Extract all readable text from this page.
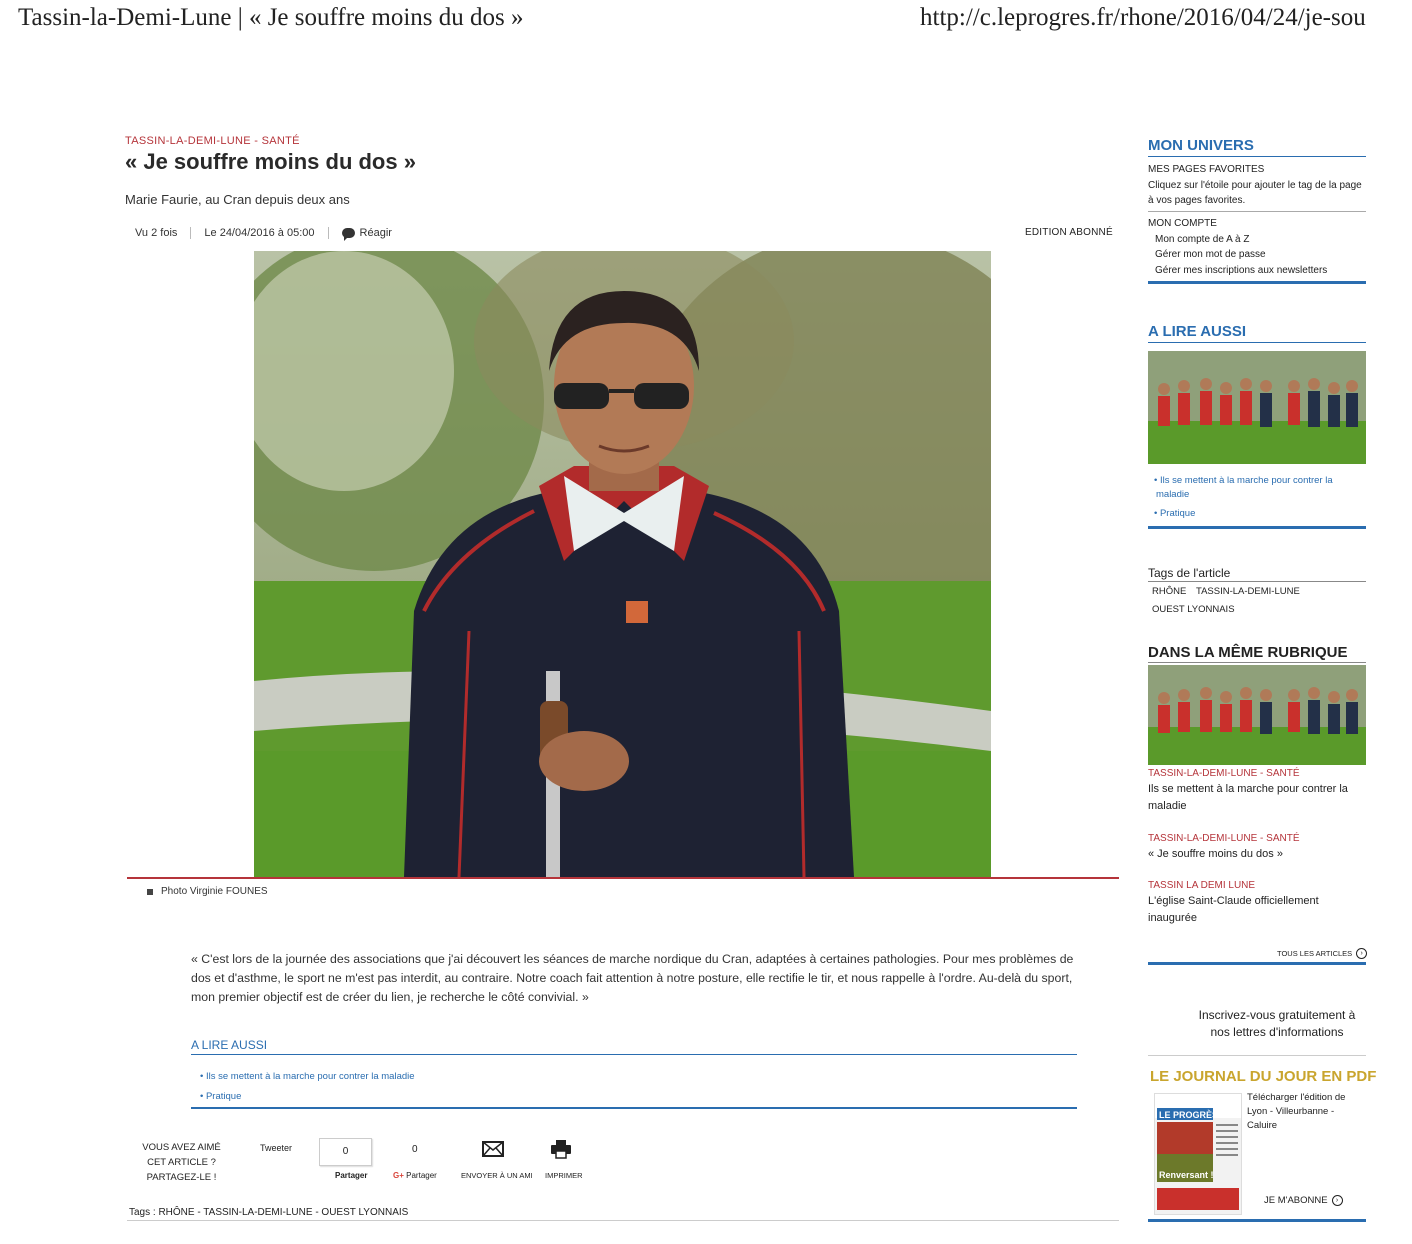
Tassin-la-Demi-Lune | « Je souffre moins du dos »	http://c.leprogres.fr/rhone/2016/04/24/je-sou
TASSIN-LA-DEMI-LUNE - SANTÉ
« Je souffre moins du dos »
Marie Faurie, au Cran depuis deux ans
Vu 2 fois Le 24/04/2016 à 05:00	Réagir	EDITION ABONNÉ
Photo Virginie FOUNES
« C'est lors de la journée des associations que j'ai découvert les séances de marche nordique du Cran, adaptées à certaines pathologies. Pour mes problèmes de dos et d'asthme, le sport ne m'est pas interdit, au contraire. Notre coach fait attention à notre posture, elle rectifie le tir, et nous rappelle à l'ordre. Au-delà du sport, mon premier objectif est de créer du lien, je recherche le côté convivial. »
A LIRE AUSSI
• Ils se mettent à la marche pour contrer la maladie
• Pratique
VOUS AVEZ AIMÉ
CET ARTICLE ?
PARTAGEZ-LE !
Tweeter	0
Partager
0
G+ Partager	ENVOYER À UN AMI IMPRIMER
Tags : RHÔNE - TASSIN-LA-DEMI-LUNE - OUEST LYONNAIS
MON UNIVERS
MES PAGES FAVORITES
Cliquez sur l'étoile pour ajouter le tag de la page à vos pages favorites.
MON COMPTE
Mon compte de A à Z
Gérer mon mot de passe
Gérer mes inscriptions aux newsletters
A LIRE AUSSI
• Ils se mettent à la marche pour contrer la maladie
• Pratique
Tags de l'article
RHÔNE TASSIN-LA-DEMI-LUNE
OUEST LYONNAIS
DANS LA MÊME RUBRIQUE
TASSIN-LA-DEMI-LUNE - SANTÉ
Ils se mettent à la marche pour contrer la maladie
TASSIN-LA-DEMI-LUNE - SANTÉ
« Je souffre moins du dos »
TASSIN LA DEMI LUNE
L'église Saint-Claude officiellement inaugurée
TOUS LES ARTICLES	›
Inscrivez-vous gratuitement à nos lettres d'informations
LE JOURNAL DU JOUR EN PDF
LE PROGRÈS
Renversant !
Télécharger l'édition de Lyon - Villeurbanne - Caluire
JE M'ABONNE	›
